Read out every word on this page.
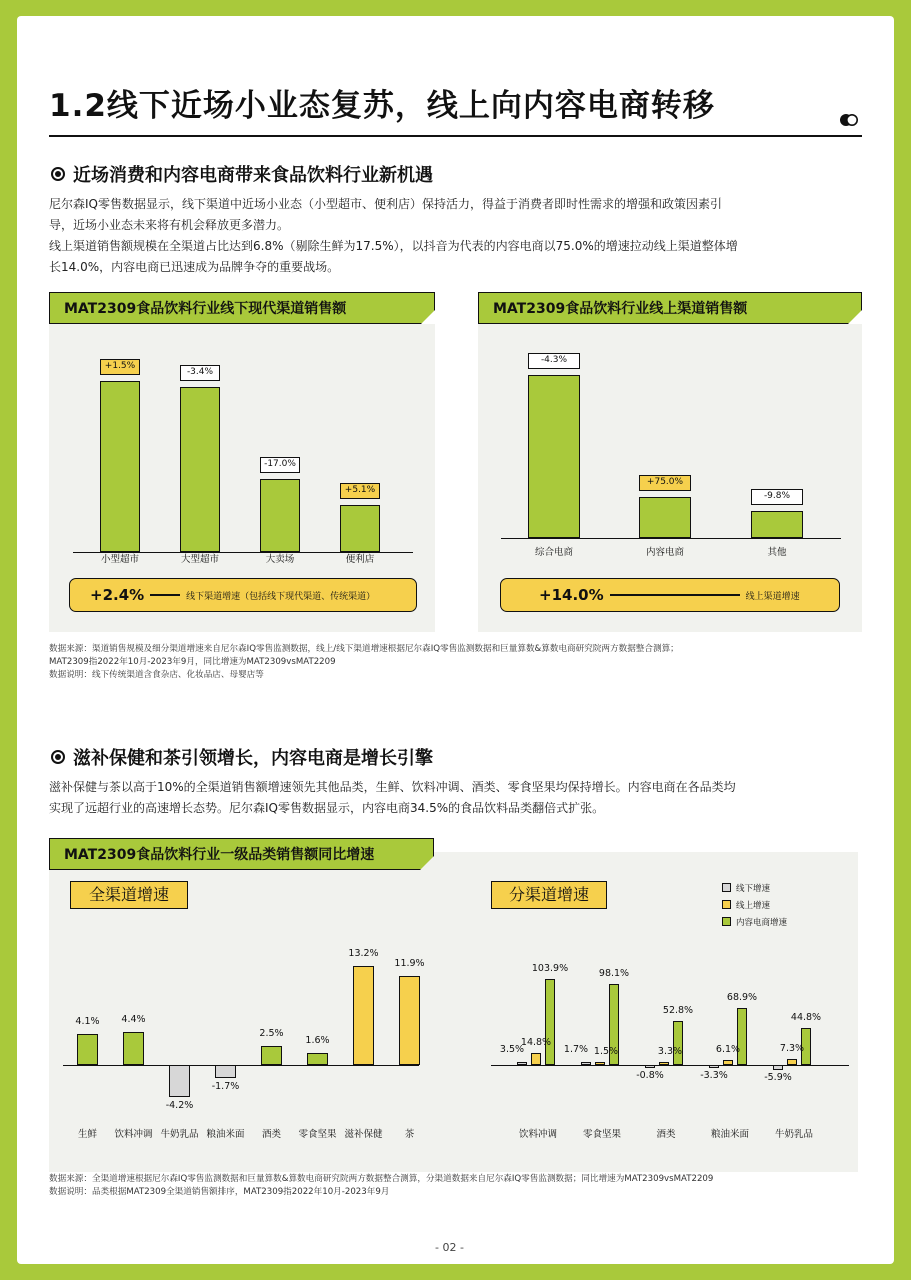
1.2线下近场小业态复苏，线上向内容电商转移
近场消费和内容电商带来食品饮料行业新机遇
尼尔森IQ零售数据显示，线下渠道中近场小业态（小型超市、便利店）保持活力，得益于消费者即时性需求的增强和政策因素引
导，近场小业态未来将有机会释放更多潜力。
线上渠道销售额规模在全渠道占比达到6.8%（剔除生鲜为17.5%），以抖音为代表的内容电商以75.0%的增速拉动线上渠道整体增
长14.0%，内容电商已迅速成为品牌争夺的重要战场。
MAT2309食品饮料行业线下现代渠道销售额
+1.5%
-3.4%
-17.0%
+5.1%
小型超市	大型超市	大卖场	便利店
+2.4%	线下渠道增速（包括线下现代渠道、传统渠道）
MAT2309食品饮料行业线上渠道销售额
-4.3%
+75.0%
-9.8%
综合电商	内容电商	其他
+14.0%	线上渠道增速
数据来源：渠道销售规模及细分渠道增速来自尼尔森IQ零售监测数据，线上/线下渠道增速根据尼尔森IQ零售监测数据和巨量算数&算数电商研究院两方数据整合测算；
MAT2309指2022年10月-2023年9月，同比增速为MAT2309vsMAT2209
数据说明：线下传统渠道含食杂店、化妆品店、母婴店等
滋补保健和茶引领增长，内容电商是增长引擎
滋补保健与茶以高于10%的全渠道销售额增速领先其他品类，生鲜、饮料冲调、酒类、零食坚果均保持增长。内容电商在各品类均
实现了远超行业的高速增长态势。尼尔森IQ零售数据显示，内容电商34.5%的食品饮料品类翻倍式扩张。
MAT2309食品饮料行业一级品类销售额同比增速
全渠道增速	分渠道增速	线下增速
线上增速
内容电商增速
数据来源：全渠道增速根据尼尔森IQ零售监测数据和巨量算数&算数电商研究院两方数据整合测算，分渠道数据来自尼尔森IQ零售监测数据；同比增速为MAT2309vsMAT2209
数据说明：品类根据MAT2309全渠道销售额排序，MAT2309指2022年10月-2023年9月
- 02 -
4.1%
生鲜
4.4%
饮料冲调
-4.2%
牛奶乳品
-1.7%
粮油米面
2.5%
酒类
1.6%
零食坚果
13.2%
滋补保健
11.9%
茶	饮料冲调	零食坚果	酒类	粮油米面	牛奶乳品
3.5%
14.8%
103.9%
1.7% 1.5%
98.1%
-0.8%
3.3%
52.8%
-3.3%
6.1%
68.9%
-5.9%
7.3%
44.8%
